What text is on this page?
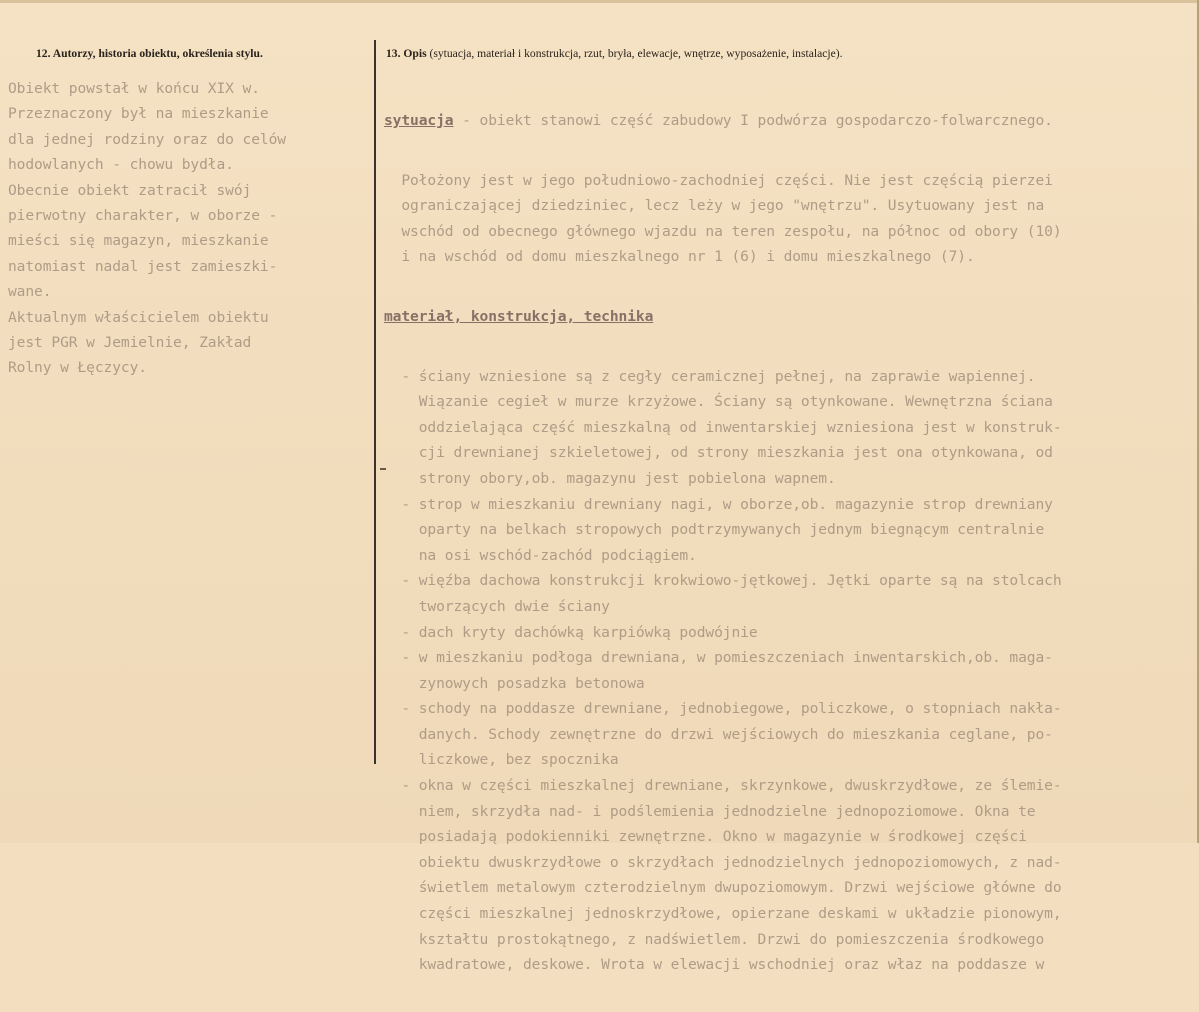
12. Autorzy, historia obiektu, określenia stylu.	13. Opis (sytuacja, materiał i konstrukcja, rzut, bryła, elewacje, wnętrze, wyposażenie, instalacje).
Obiekt powstał w końcu XIX w.
Przeznaczony był na mieszkanie
dla jednej rodziny oraz do celów
hodowlanych - chowu bydła.
Obecnie obiekt zatracił swój
pierwotny charakter, w oborze -
mieści się magazyn, mieszkanie
natomiast nadal jest zamieszki-
wane.
Aktualnym właścicielem obiektu
jest PGR w Jemielnie, Zakład
Rolny w Łęczycy.

sytuacja - obiekt stanowi część zabudowy I podwórza gospodarczo-folwarcznego.

Położony jest w jego południowo-zachodniej części. Nie jest częścią pierzei
ograniczającej dziedziniec, lecz leży w jego "wnętrzu". Usytuowany jest na
wschód od obecnego głównego wjazdu na teren zespołu, na północ od obory (10)
i na wschód od domu mieszkalnego nr 1 (6) i domu mieszkalnego (7).

materiał, konstrukcja, technika

- ściany wzniesione są z cegły ceramicznej pełnej, na zaprawie wapiennej.
Wiązanie cegieł w murze krzyżowe. Ściany są otynkowane. Wewnętrzna ściana
oddzielająca część mieszkalną od inwentarskiej wzniesiona jest w konstruk-
cji drewnianej szkieletowej, od strony mieszkania jest ona otynkowana, od
strony obory,ob. magazynu jest pobielona wapnem.
- strop w mieszkaniu drewniany nagi, w oborze,ob. magazynie strop drewniany
oparty na belkach stropowych podtrzymywanych jednym biegnącym centralnie
na osi wschód-zachód podciągiem.
- więźba dachowa konstrukcji krokwiowo-jętkowej. Jętki oparte są na stolcach
tworzących dwie ściany
- dach kryty dachówką karpiówką podwójnie
- w mieszkaniu podłoga drewniana, w pomieszczeniach inwentarskich,ob. maga-
zynowych posadzka betonowa
- schody na poddasze drewniane, jednobiegowe, policzkowe, o stopniach nakła-
danych. Schody zewnętrzne do drzwi wejściowych do mieszkania ceglane, po-
liczkowe, bez spocznika
- okna w części mieszkalnej drewniane, skrzynkowe, dwuskrzydłowe, ze ślemie-
niem, skrzydła nad- i podślemienia jednodzielne jednopoziomowe. Okna te
posiadają podokienniki zewnętrzne. Okno w magazynie w środkowej części
obiektu dwuskrzydłowe o skrzydłach jednodzielnych jednopoziomowych, z nad-
świetlem metalowym czterodzielnym dwupoziomowym. Drzwi wejściowe główne do
części mieszkalnej jednoskrzydłowe, opierzane deskami w układzie pionowym,
kształtu prostokątnego, z nadświetlem. Drzwi do pomieszczenia środkowego
kwadratowe, deskowe. Wrota w elewacji wschodniej oraz właz na poddasze w
